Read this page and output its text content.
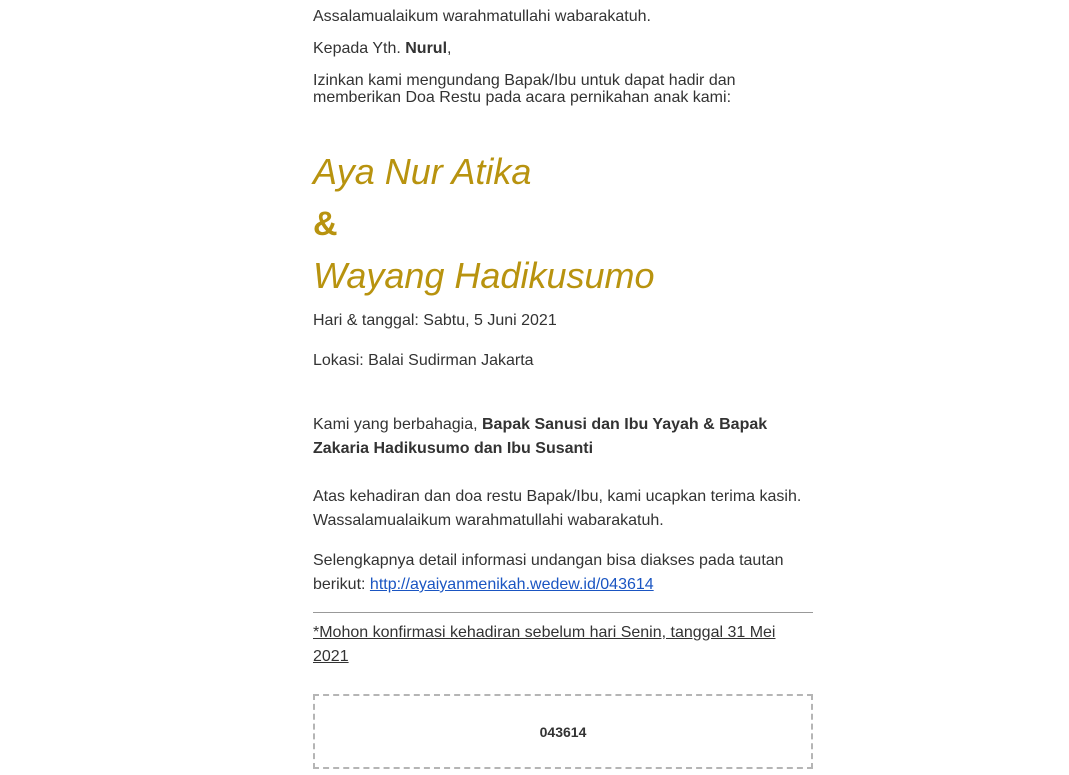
Assalamualaikum warahmatullahi wabarakatuh.

Kepada Yth. Nurul,

Izinkan kami mengundang Bapak/Ibu untuk dapat hadir dan memberikan Doa Restu pada acara pernikahan anak kami:

Aya Nur Atika
&
Wayang Hadikusumo

Hari & tanggal: Sabtu, 5 Juni 2021

Lokasi: Balai Sudirman Jakarta

Kami yang berbahagia, Bapak Sanusi dan Ibu Yayah & Bapak Zakaria Hadikusumo dan Ibu Susanti

Atas kehadiran dan doa restu Bapak/Ibu, kami ucapkan terima kasih.

Wassalamualaikum warahmatullahi wabarakatuh.

Selengkapnya detail informasi undangan bisa diakses pada tautan berikut: http://ayaiyanmenikah.wedew.id/043614

*Mohon konfirmasi kehadiran sebelum hari Senin, tanggal 31 Mei 2021

043614
